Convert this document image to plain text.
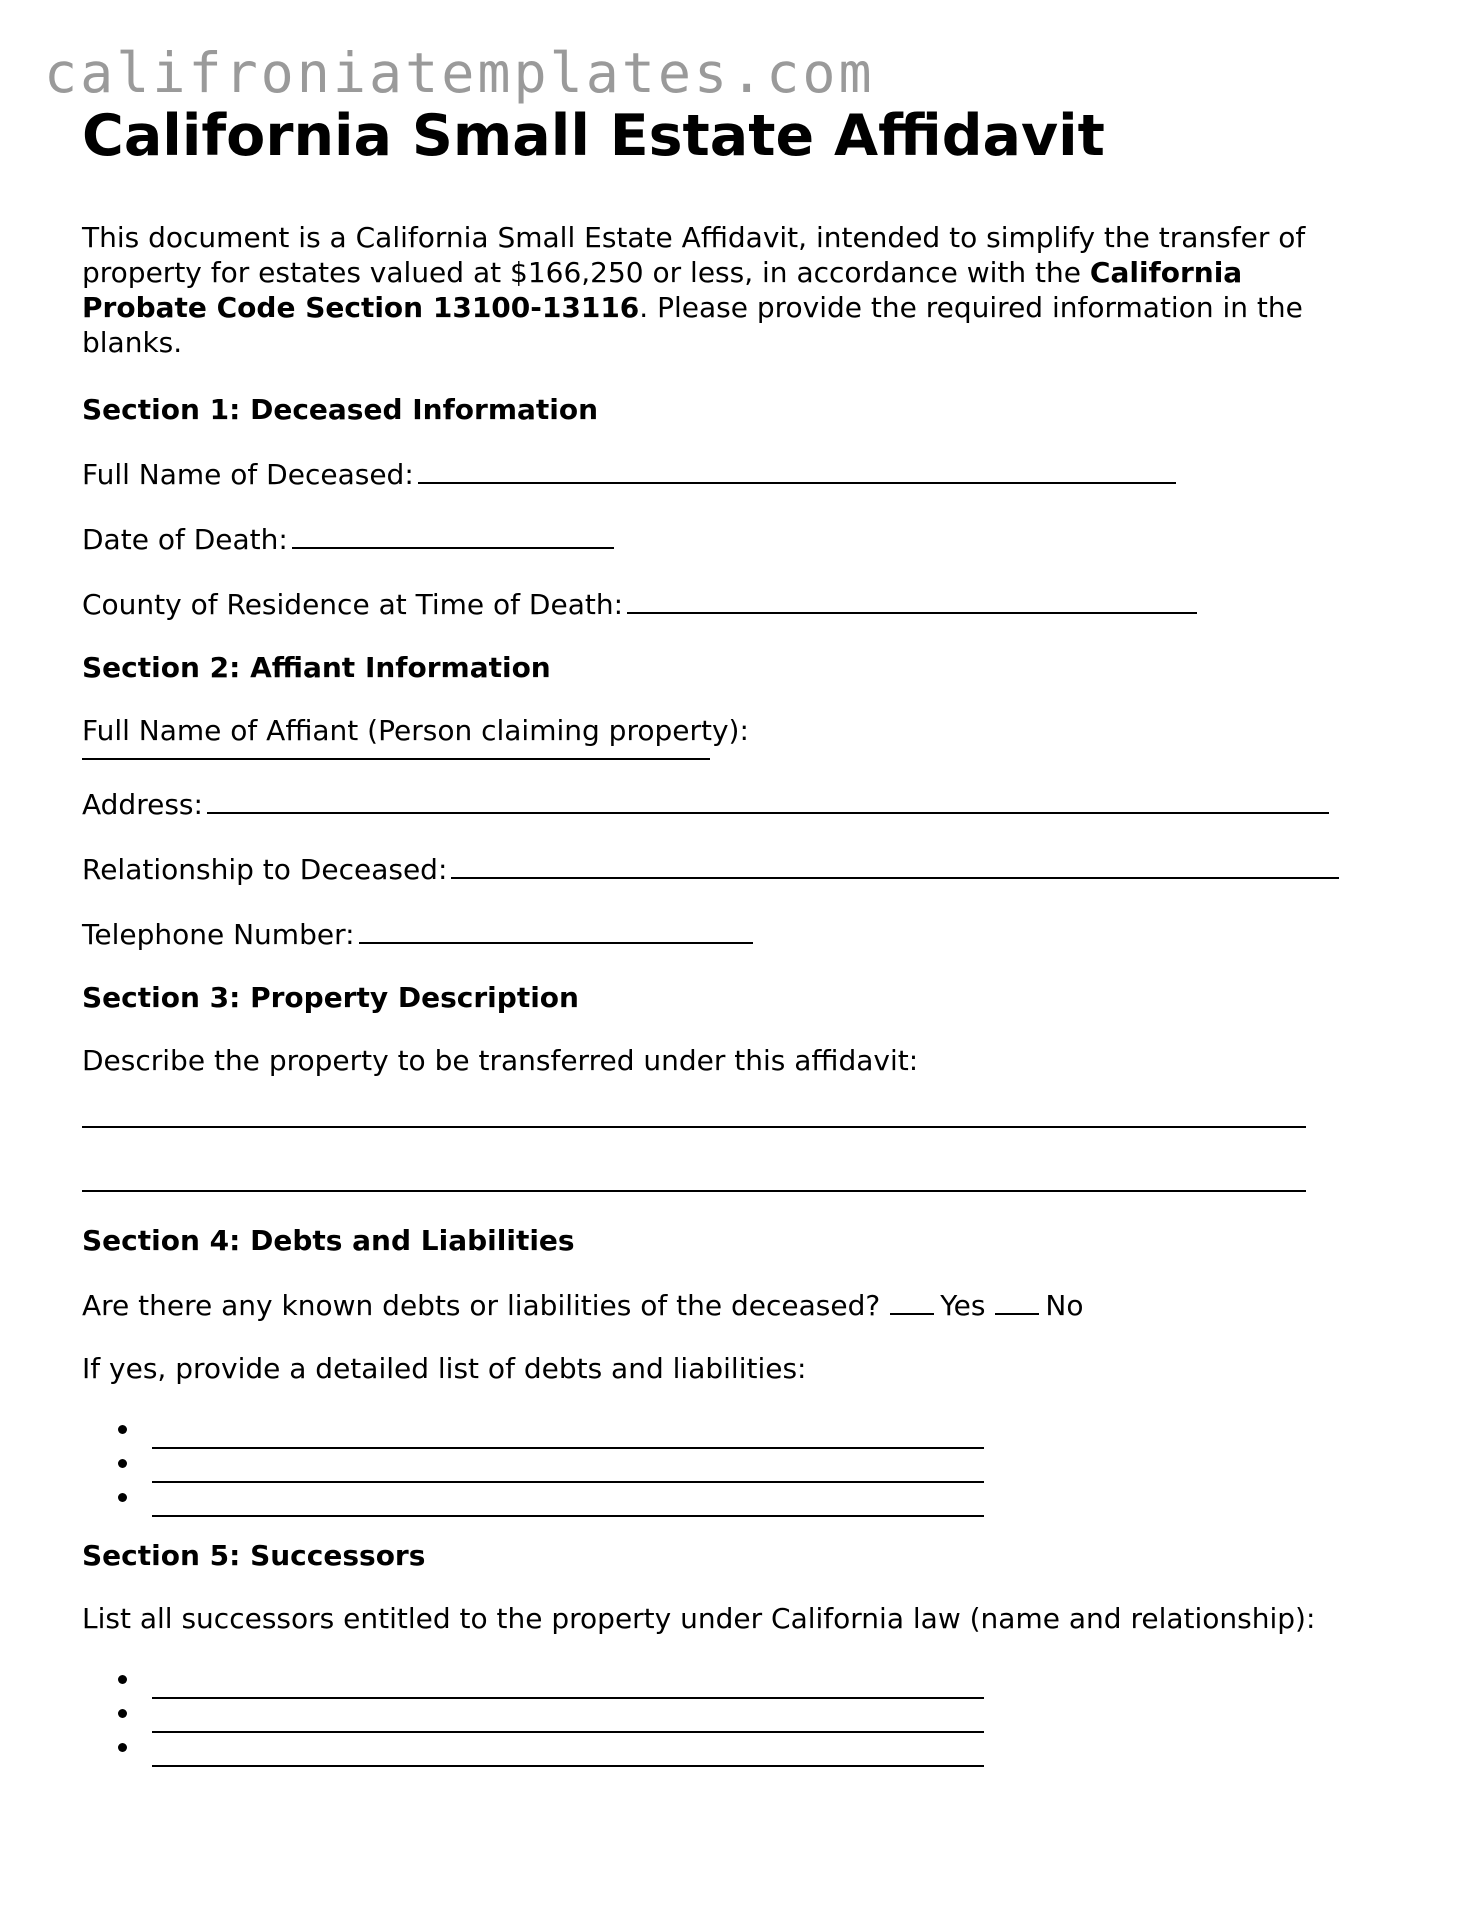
califroniatemplates.com
California Small Estate Affidavit

This document is a California Small Estate Affidavit, intended to simplify the transfer of property for estates valued at $166,250 or less, in accordance with the California Probate Code Section 13100-13116. Please provide the required information in the blanks.

Section 1: Deceased Information
Full Name of Deceased:
Date of Death:
County of Residence at Time of Death:
Section 2: Affiant Information
Full Name of Affiant (Person claiming property):
Address:
Relationship to Deceased:
Telephone Number:
Section 3: Property Description
Describe the property to be transferred under this affidavit:
Section 4: Debts and Liabilities
Are there any known debts or liabilities of the deceased? Yes No
If yes, provide a detailed list of debts and liabilities:
Section 5: Successors
List all successors entitled to the property under California law (name and relationship):
